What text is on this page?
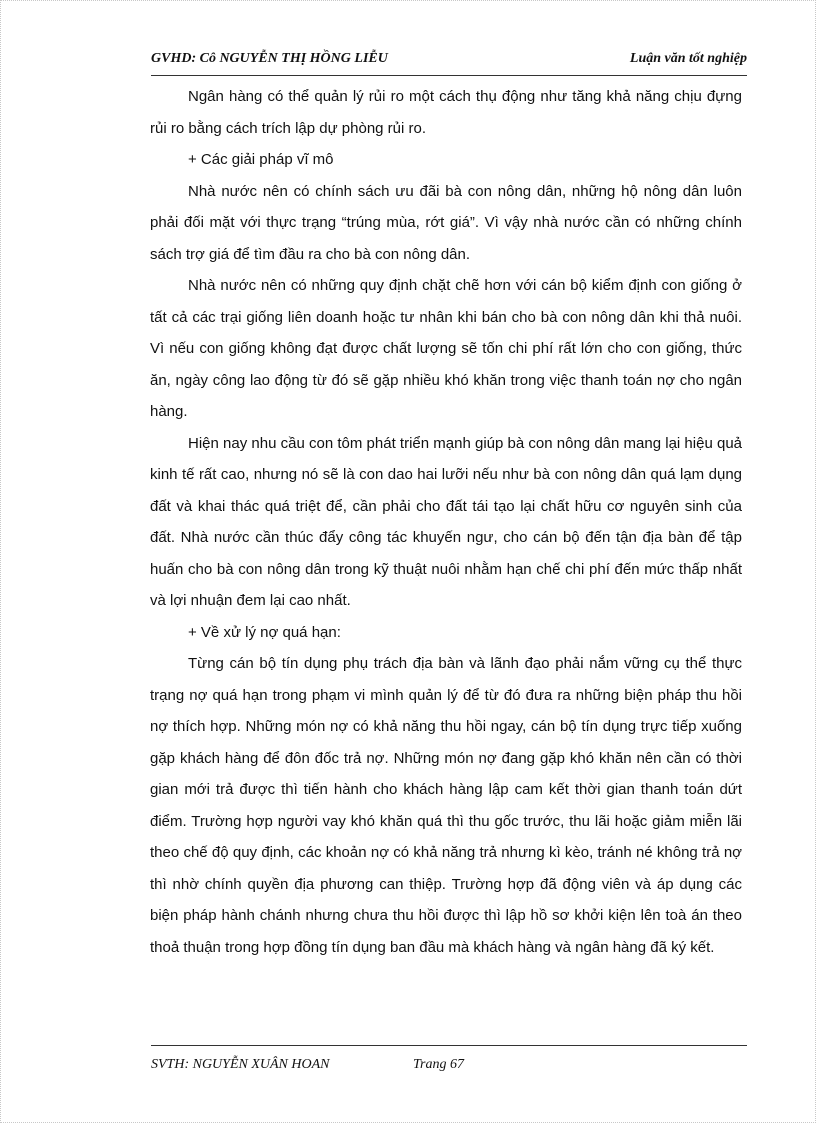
GVHD: Cô NGUYỄN THỊ HỒNG LIỄU	Luận văn tốt nghiệp

Ngân hàng có thể quản lý rủi ro một cách thụ động như tăng khả năng chịu đựng rủi ro bằng cách trích lập dự phòng rủi ro.

+ Các giải pháp vĩ mô

Nhà nước nên có chính sách ưu đãi bà con nông dân, những hộ nông dân luôn phải đối mặt với thực trạng “trúng mùa, rớt giá”. Vì vậy nhà nước cần có những chính sách trợ giá để tìm đầu ra cho bà con nông dân.

Nhà nước nên có những quy định chặt chẽ hơn với cán bộ kiểm định con giống ở tất cả các trại giống liên doanh hoặc tư nhân khi bán cho bà con nông dân khi thả nuôi. Vì nếu con giống không đạt được chất lượng sẽ tốn chi phí rất lớn cho con giống, thức ăn, ngày công lao động từ đó sẽ gặp nhiều khó khăn trong việc thanh toán nợ cho ngân hàng.

Hiện nay nhu cầu con tôm phát triển mạnh giúp bà con nông dân mang lại hiệu quả kinh tế rất cao, nhưng nó sẽ là con dao hai lưỡi nếu như bà con nông dân quá lạm dụng đất và khai thác quá triệt để, cần phải cho đất tái tạo lại chất hữu cơ nguyên sinh của đất. Nhà nước cần thúc đẩy công tác khuyến ngư, cho cán bộ đến tận địa bàn để tập huấn cho bà con nông dân trong kỹ thuật nuôi nhằm hạn chế chi phí đến mức thấp nhất và lợi nhuận đem lại cao nhất.

+ Về xử lý nợ quá hạn:

Từng cán bộ tín dụng phụ trách địa bàn và lãnh đạo phải nắm vững cụ thể thực trạng nợ quá hạn trong phạm vi mình quản lý để từ đó đưa ra những biện pháp thu hồi nợ thích hợp. Những món nợ có khả năng thu hồi ngay, cán bộ tín dụng trực tiếp xuống gặp khách hàng để đôn đốc trả nợ. Những món nợ đang gặp khó khăn nên cần có thời gian mới trả được thì tiến hành cho khách hàng lập cam kết thời gian thanh toán dứt điểm. Trường hợp người vay khó khăn quá thì thu gốc trước, thu lãi hoặc giảm miễn lãi theo chế độ quy định, các khoản nợ có khả năng trả nhưng kì kèo, tránh né không trả nợ thì nhờ chính quyền địa phương can thiệp. Trường hợp đã động viên và áp dụng các biện pháp hành chánh nhưng chưa thu hồi được thì lập hồ sơ khởi kiện lên toà án theo thoả thuận trong hợp đồng tín dụng ban đầu mà khách hàng và ngân hàng đã ký kết.

SVTH: NGUYỄN XUÂN HOAN	Trang 67
